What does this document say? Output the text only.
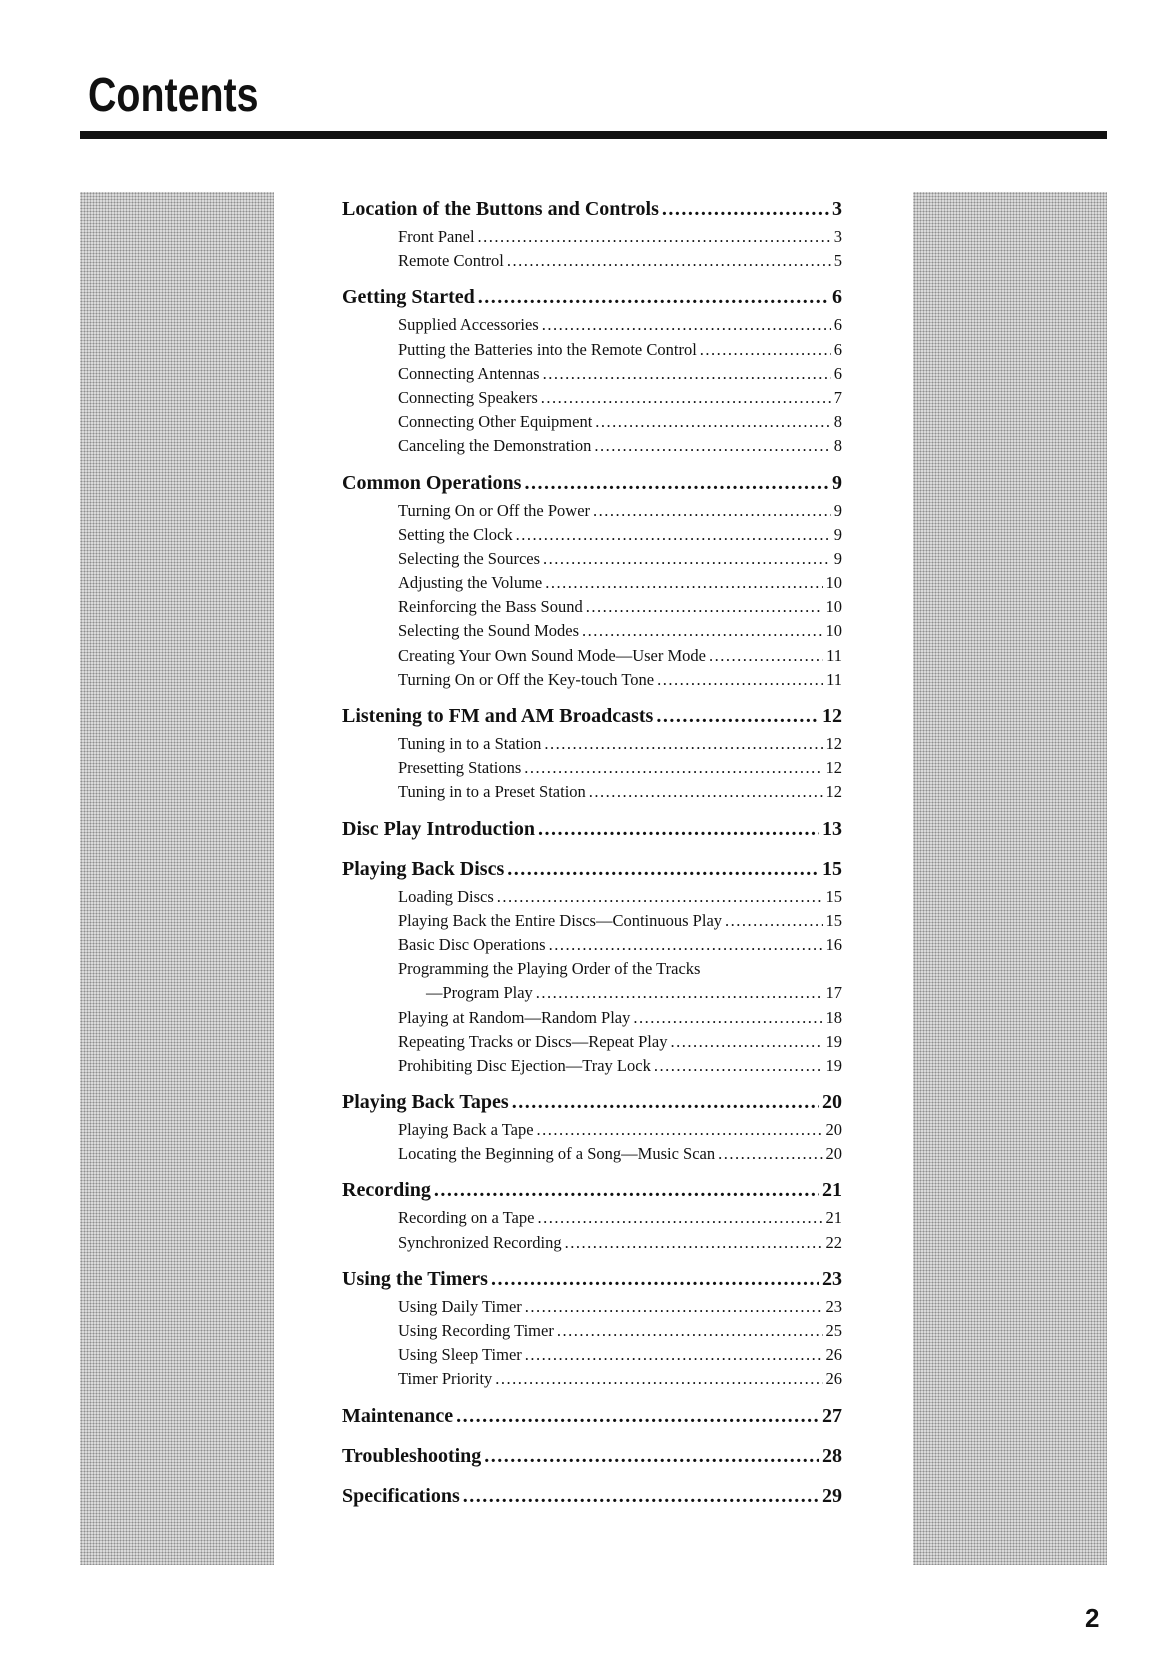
Contents
Location of the Buttons and Controls .....	3
Front Panel .....	3
Remote Control .....	5
Getting Started .....	6
Supplied Accessories .....	6
Putting the Batteries into the Remote Control .....	6
Connecting Antennas .....	6
Connecting Speakers .....	7
Connecting Other Equipment .....	8
Canceling the Demonstration .....	8
Common Operations .....	9
Turning On or Off the Power .....	9
Setting the Clock .....	9
Selecting the Sources .....	9
Adjusting the Volume .....	10
Reinforcing the Bass Sound .....	10
Selecting the Sound Modes .....	10
Creating Your Own Sound Mode—User Mode .....	11
Turning On or Off the Key-touch Tone .....	11
Listening to FM and AM Broadcasts .....	12
Tuning in to a Station .....	12
Presetting Stations .....	12
Tuning in to a Preset Station .....	12
Disc Play Introduction .....	13
Playing Back Discs .....	15
Loading Discs .....	15
Playing Back the Entire Discs—Continuous Play .....	15
Basic Disc Operations .....	16
Programming the Playing Order of the Tracks
—Program Play .....	17
Playing at Random—Random Play .....	18
Repeating Tracks or Discs—Repeat Play .....	19
Prohibiting Disc Ejection—Tray Lock .....	19
Playing Back Tapes .....	20
Playing Back a Tape .....	20
Locating the Beginning of a Song—Music Scan .....	20
Recording .....	21
Recording on a Tape .....	21
Synchronized Recording .....	22
Using the Timers .....	23
Using Daily Timer .....	23
Using Recording Timer .....	25
Using Sleep Timer .....	26
Timer Priority .....	26
Maintenance .....	27
Troubleshooting .....	28
Specifications .....	29
2
